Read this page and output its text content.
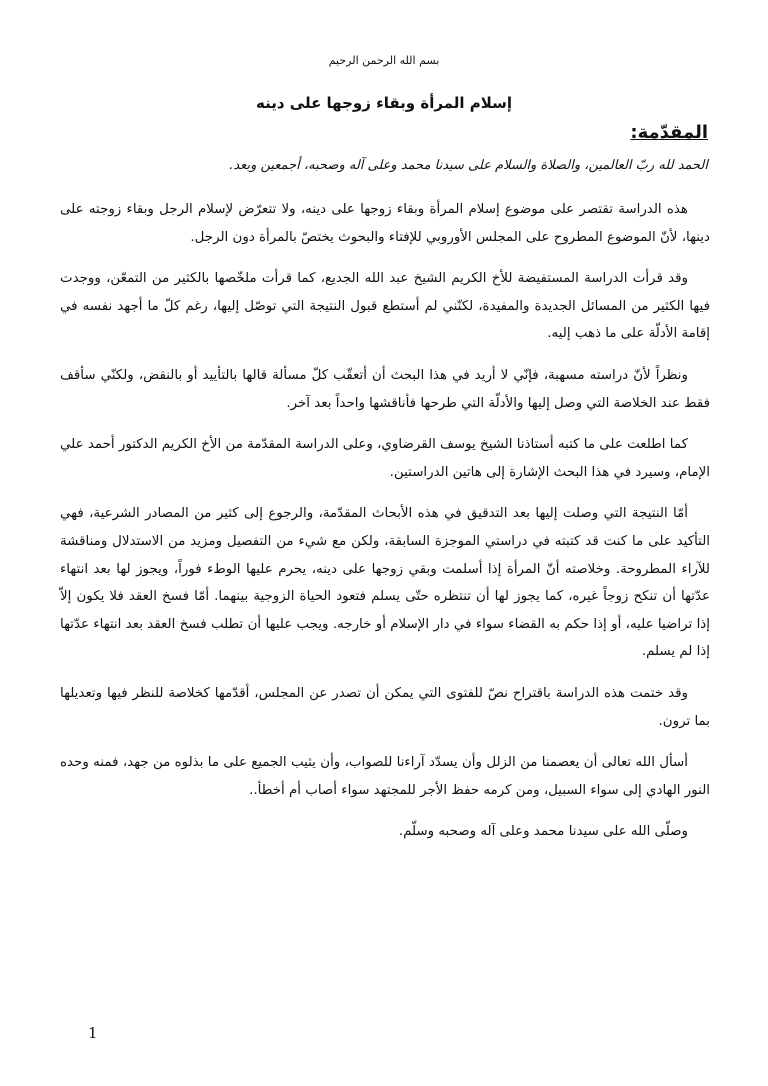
بسم الله الرحمن الرحيم
إسلام المرأة وبقاء زوجها على دينه
المقدّمة:
الحمد لله ربّ العالمين، والصلاة والسلام على سيدنا محمد وعلى آله وصحبه، أجمعين وبعد.

هذه الدراسة تقتصر على موضوع إسلام المرأة وبقاء زوجها على دينه، ولا تتعرّض لإسلام الرجل وبقاء زوجته على دينها، لأنّ الموضوع المطروح على المجلس الأوروبي للإفتاء والبحوث يختصّ بالمرأة دون الرجل.

وقد قرأت الدراسة المستفيضة للأخ الكريم الشيخ عبد الله الجديع، كما قرأت ملخّصها بالكثير من التمعّن، ووجدت فيها الكثير من المسائل الجديدة والمفيدة، لكنّني لم أستطع قبول النتيجة التي توصّل إليها، رغم كلّ ما أجهد نفسه في إقامة الأدلّة على ما ذهب إليه.

ونظراً لأنّ دراسته مسهبة، فإنّي لا أريد في هذا البحث أن أتعقّب كلّ مسألة قالها بالتأييد أو بالنقض، ولكنّي سأقف فقط عند الخلاصة التي وصل إليها والأدلّة التي طرحها فأناقشها واحداً بعد آخر.

كما اطلعت على ما كتبه أستاذنا الشيخ يوسف القرضاوي، وعلى الدراسة المقدّمة من الأخ الكريم الدكتور أحمد علي الإمام، وسيرد في هذا البحث الإشارة إلى هاتين الدراستين.

أمّا النتيجة التي وصلت إليها بعد التدقيق في هذه الأبحاث المقدّمة، والرجوع إلى كثير من المصادر الشرعية، فهي التأكيد على ما كنت قد كتبته في دراستي الموجزة السابقة، ولكن مع شيء من التفصيل ومزيد من الاستدلال ومناقشة للآراء المطروحة. وخلاصته أنّ المرأة إذا أسلمت وبقي زوجها على دينه، يحرم عليها الوطء فوراً، ويجوز لها بعد انتهاء عدّتها أن تنكح زوجاً غيره، كما يجوز لها أن تنتظره حتّى يسلم فتعود الحياة الزوجية بينهما. أمّا فسخ العقد فلا يكون إلاّ إذا تراضيا عليه، أو إذا حكم به القضاء سواء في دار الإسلام أو خارجه. ويجب عليها أن تطلب فسخ العقد بعد انتهاء عدّتها إذا لم يسلم.

وقد ختمت هذه الدراسة باقتراح نصّ للفتوى التي يمكن أن تصدر عن المجلس، أقدّمها كخلاصة للنظر فيها وتعديلها بما ترون.

أسأل الله تعالى أن يعصمنا من الزلل وأن يسدّد آراءنا للصواب، وأن يثيب الجميع على ما بذلوه من جهد، فمنه وحده النور الهادي إلى سواء السبيل، ومن كرمه حفظ الأجر للمجتهد سواء أصاب أم أخطأ..

وصلّى الله على سيدنا محمد وعلى آله وصحبه وسلّم.

1
